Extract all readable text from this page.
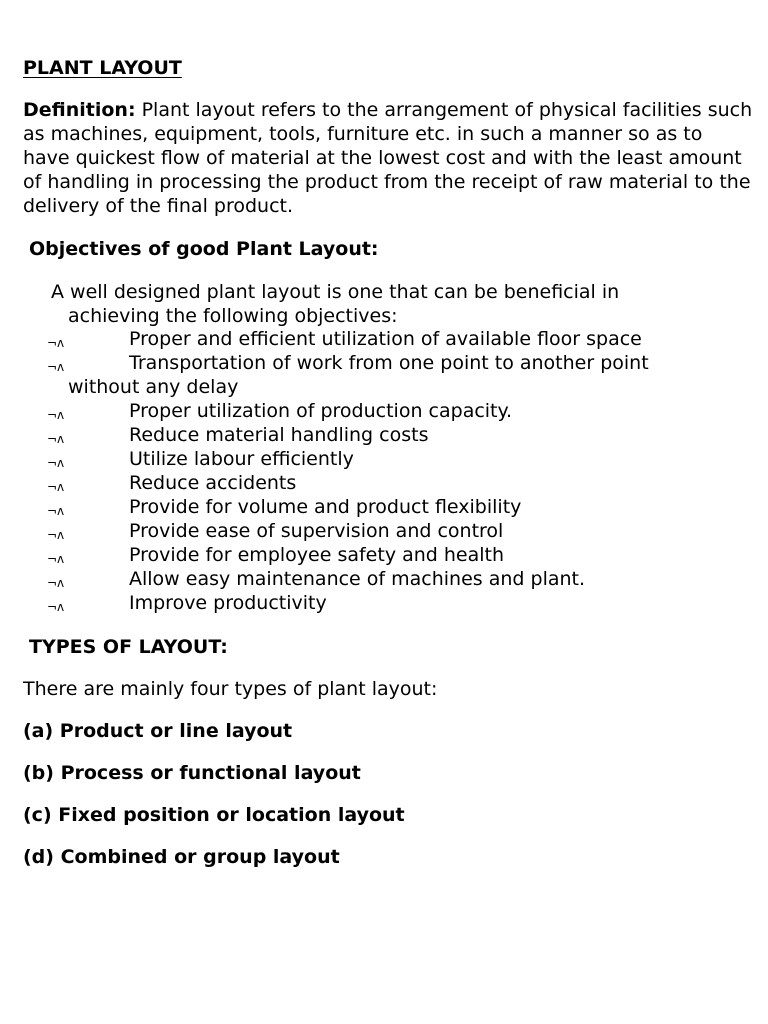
PLANT LAYOUT
Definition: Plant layout refers to the arrangement of physical facilities such as machines, equipment, tools, furniture etc. in such a manner so as to have quickest flow of material at the lowest cost and with the least amount of handling in processing the product from the receipt of raw material to the delivery of the final product.
Objectives of good Plant Layout:
A well designed plant layout is one that can be beneficial in
achieving the following objectives:
¬ʌ	Proper and efficient utilization of available floor space
¬ʌ	Transportation of work from one point to another point
without any delay
¬ʌ	Proper utilization of production capacity.
¬ʌ	Reduce material handling costs
¬ʌ	Utilize labour efficiently
¬ʌ	Reduce accidents
¬ʌ	Provide for volume and product flexibility
¬ʌ	Provide ease of supervision and control
¬ʌ	Provide for employee safety and health
¬ʌ	Allow easy maintenance of machines and plant.
¬ʌ	Improve productivity
TYPES OF LAYOUT:
There are mainly four types of plant layout:
(a) Product or line layout
(b) Process or functional layout
(c) Fixed position or location layout
(d) Combined or group layout
